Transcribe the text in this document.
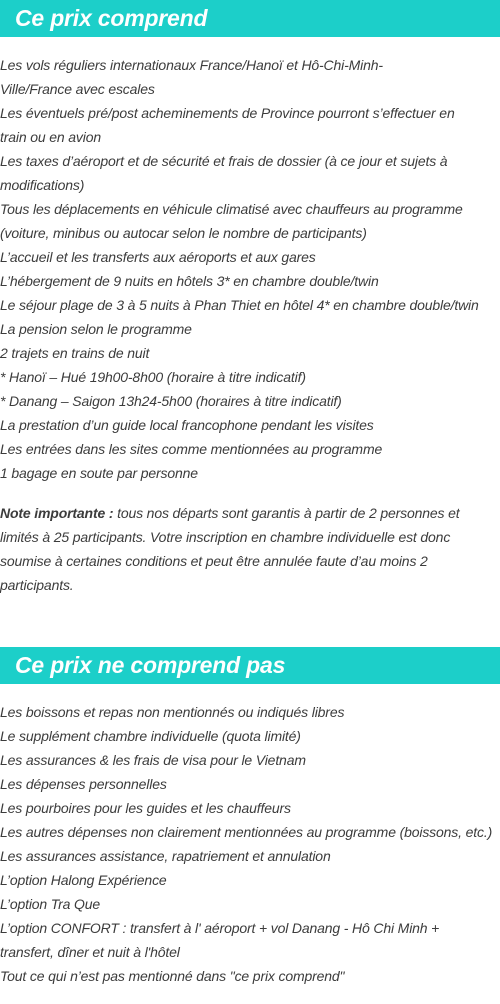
Ce prix comprend
Les vols réguliers internationaux France/Hanoï et Hô-Chi-Minh-
Ville/France avec escales
Les éventuels pré/post acheminements de Province pourront s’effectuer en
train ou en avion
Les taxes d’aéroport et de sécurité et frais de dossier (à ce jour et sujets à
modifications)
Tous les déplacements en véhicule climatisé avec chauffeurs au programme
(voiture, minibus ou autocar selon le nombre de participants)
L’accueil et les transferts aux aéroports et aux gares
L’hébergement de 9 nuits en hôtels 3* en chambre double/twin
Le séjour plage de 3 à 5 nuits à Phan Thiet en hôtel 4* en chambre double/twin
La pension selon le programme
2 trajets en trains de nuit
* Hanoï – Hué 19h00-8h00 (horaire à titre indicatif)
* Danang – Saigon 13h24-5h00 (horaires à titre indicatif)
La prestation d’un guide local francophone pendant les visites
Les entrées dans les sites comme mentionnées au programme
1 bagage en soute par personne
Note importante : tous nos départs sont garantis à partir de 2 personnes et
limités à 25 participants. Votre inscription en chambre individuelle est donc
soumise à certaines conditions et peut être annulée faute d’au moins 2
participants.
Ce prix ne comprend pas
Les boissons et repas non mentionnés ou indiqués libres
Le supplément chambre individuelle (quota limité)
Les assurances & les frais de visa pour le Vietnam
Les dépenses personnelles
Les pourboires pour les guides et les chauffeurs
Les autres dépenses non clairement mentionnées au programme (boissons, etc.)
Les assurances assistance, rapatriement et annulation
L’option Halong Expérience
L’option Tra Que
L’option CONFORT : transfert à l' aéroport + vol Danang - Hô Chi Minh +
transfert, dîner et nuit à l'hôtel
Tout ce qui n’est pas mentionné dans "ce prix comprend"
